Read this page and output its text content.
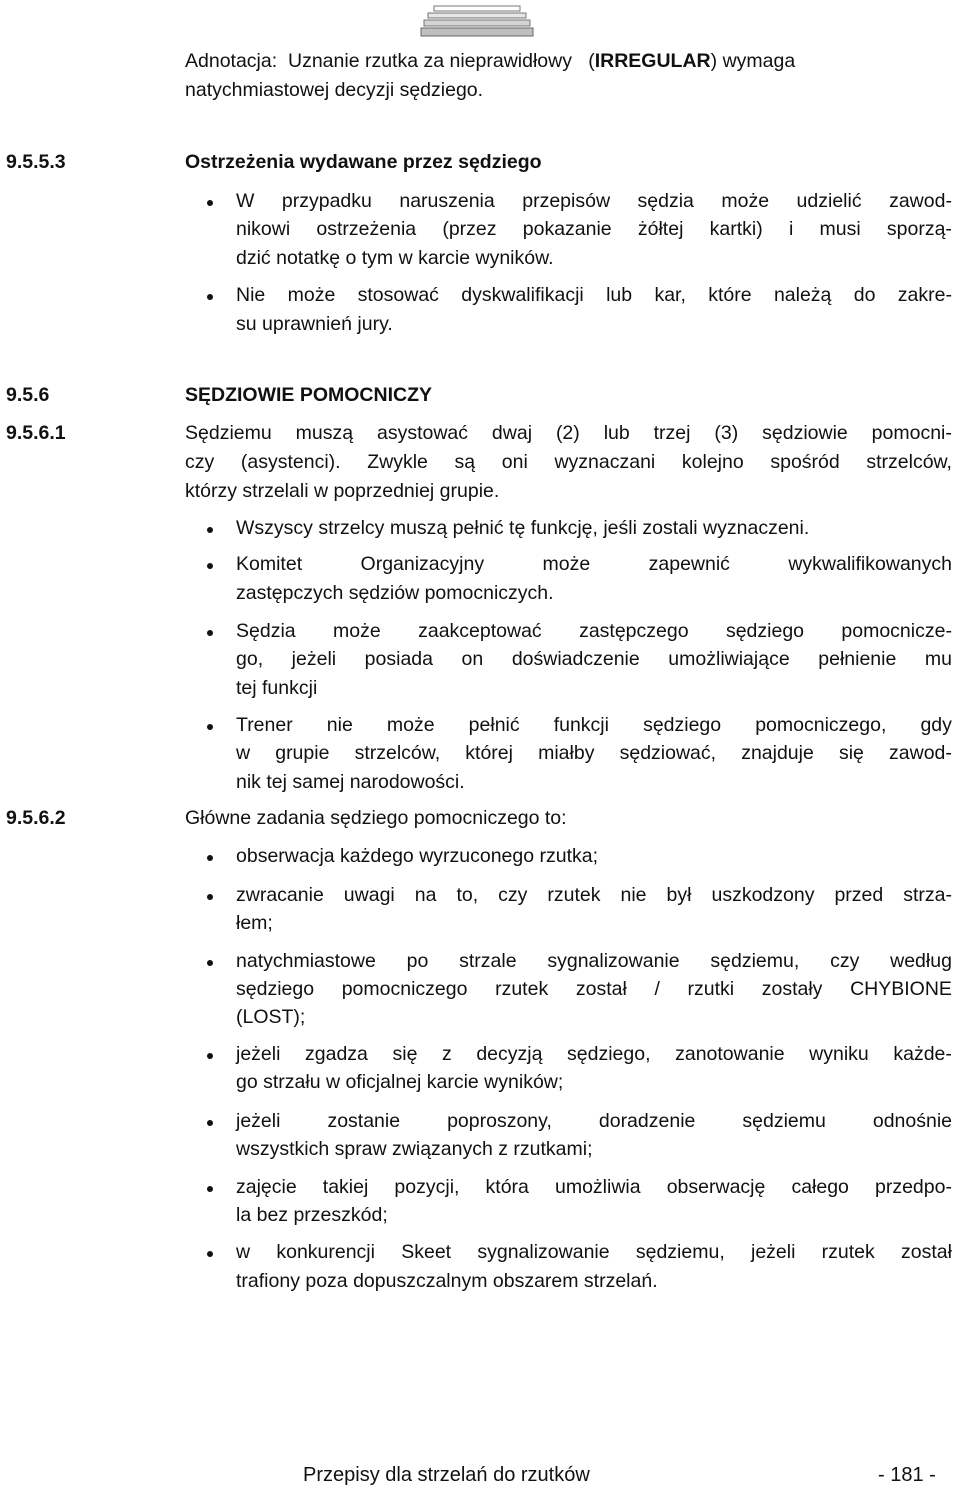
Adnotacja: Uznanie rzutka za nieprawidłowy   (IRREGULAR) wymaga
natychmiastowej decyzji sędziego.
9.5.5.3	Ostrzeżenia wydawane przez sędziego
W przypadku naruszenia przepisów sędzia może udzielić zawod-
nikowi ostrzeżenia (przez pokazanie żółtej kartki) i musi sporzą-
dzić notatkę o tym w karcie wyników.
Nie może stosować dyskwalifikacji lub kar, które należą do zakre-
su uprawnień jury.
9.5.6	SĘDZIOWIE POMOCNICZY
9.5.6.1	Sędziemu muszą asystować dwaj (2) lub trzej (3) sędziowie pomocni-
czy (asystenci). Zwykle są oni wyznaczani kolejno spośród strzelców,
którzy strzelali w poprzedniej grupie.
Wszyscy strzelcy muszą pełnić tę funkcję, jeśli zostali wyznaczeni.
Komitet	Organizacyjny	może	zapewnić	wykwalifikowanych
zastępczych sędziów pomocniczych.
Sędzia może zaakceptować zastępczego sędziego pomocnicze-
go, jeżeli posiada on doświadczenie umożliwiające pełnienie mu
tej funkcji
Trener nie może pełnić funkcji sędziego pomocniczego, gdy
w grupie strzelców, której miałby sędziować, znajduje się zawod-
nik tej samej narodowości.
9.5.6.2	Główne zadania sędziego pomocniczego to:
obserwacja każdego wyrzuconego rzutka;
zwracanie uwagi na to, czy rzutek nie był uszkodzony przed strza-
łem;
natychmiastowe po strzale sygnalizowanie sędziemu, czy według
sędziego pomocniczego rzutek został / rzutki zostały CHYBIONE
(LOST);
jeżeli zgadza się z decyzją sędziego, zanotowanie wyniku każde-
go strzału w oficjalnej karcie wyników;
jeżeli zostanie poproszony, doradzenie sędziemu odnośnie
wszystkich spraw związanych z rzutkami;
zajęcie takiej pozycji, która umożliwia obserwację całego przedpo-
la bez przeszkód;
w konkurencji Skeet sygnalizowanie sędziemu, jeżeli rzutek został
trafiony poza dopuszczalnym obszarem strzelań.
Przepisy dla strzelań do rzutków	- 181 -
